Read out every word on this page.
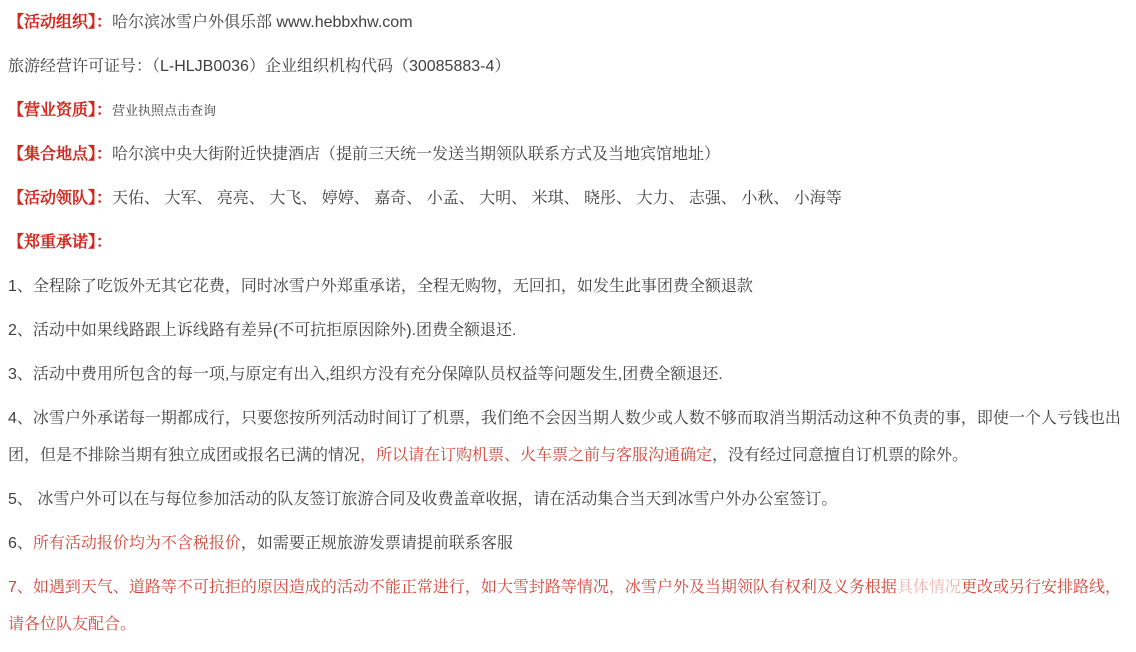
【活动组织】：哈尔滨冰雪户外俱乐部 www.hebbxhw.com

旅游经营许可证号：（L-HLJB0036）企业组织机构代码（30085883-4）

【营业资质】：营业执照点击查询

【集合地点】：哈尔滨中央大街附近快捷酒店（提前三天统一发送当期领队联系方式及当地宾馆地址）

【活动领队】：天佑、 大军、 亮亮、 大飞、 婷婷、 嘉奇、 小孟、 大明、 米琪、 晓彤、 大力、 志强、 小秋、 小海等

【郑重承诺】：

1、全程除了吃饭外无其它花费，同时冰雪户外郑重承诺，全程无购物，无回扣，如发生此事团费全额退款

2、活动中如果线路跟上诉线路有差异(不可抗拒原因除外).团费全额退还.

3、活动中费用所包含的每一项,与原定有出入,组织方没有充分保障队员权益等问题发生,团费全额退还.

4、冰雪户外承诺每一期都成行，只要您按所列活动时间订了机票，我们绝不会因当期人数少或人数不够而取消当期活动这种不负责的事，即使一个人亏钱也出团，但是不排除当期有独立成团或报名已满的情况，所以请在订购机票、火车票之前与客服沟通确定，没有经过同意擅自订机票的除外。

5、 冰雪户外可以在与每位参加活动的队友签订旅游合同及收费盖章收据，请在活动集合当天到冰雪户外办公室签订。

6、所有活动报价均为不含税报价，如需要正规旅游发票请提前联系客服

7、如遇到天气、道路等不可抗拒的原因造成的活动不能正常进行，如大雪封路等情况，冰雪户外及当期领队有权利及义务根据具体情况更改或另行安排路线，请各位队友配合。
